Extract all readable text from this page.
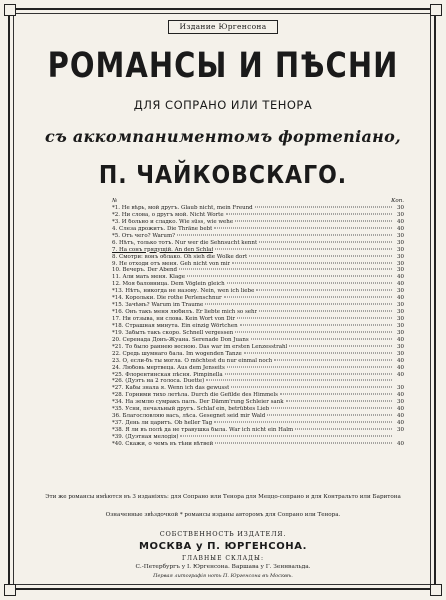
Издание Юргенсона
РОМАНСЫ И ПѢСНИ
ДЛЯ СОПРАНО ИЛИ ТЕНОРА
съ аккомпаниментомъ фортепiано,
П. ЧАЙКОВСКАГО.
№	Коп.
*1. Не вѣрь, мой другъ. Glaub nicht, mein Freund	30
*2. Ни слова, о другъ мой. Nicht Worte	30
*3. И больно и сладко. Wie süss, wie wehe	40
4. Слеза дрожитъ. Die Thräne bebt	40
*5. Отъ чего? Warum?	30
6. Нѣтъ, только тотъ. Nur wer die Sehnsucht kennt	30
7. На сонъ грядущiй. An den Schlaf	30
8. Смотри: вонъ облако. Oh sieh die Wolke dort	30
9. Не отходи отъ меня. Geh nicht von mir	30
10. Вечеръ. Der Abend	30
11. Али мать меня. Klage	40
12. Моя баловница. Dem Vöglein gleich	40
*13. Нѣтъ, никогда не назову. Nein, wen ich liebe	30
*14. Корольки. Die rothe Perlenschnur	40
*15. Зачѣмъ? Warum im Traume	30
*16. Онъ такъ меня любилъ. Er liebte mich so sehr	30
17. Ни отзыва, ни слова. Kein Wort von Dir	30
*18. Страшная минута. Ein einzig Wörtchen	30
*19. Забыть такъ скоро. Schnell vergessen	30
20. Серенада Донъ-Жуана. Serenade Don Juans	40
*21. То было раннею весною. Das war im ersten Lenzesstrahl	30
22. Средь шумнаго бала. Im wogenden Tanze	30
23. О, если-бъ ты могла. O möchtest du nur einmal noch	40
24. Любовь мертвеца. Aus dem Jenseits	40
*25. Флорентинская пѣсня. Pimpinella	40
*26. (Дуэтъ на 2 голоса. Duette)
*27. Кабы знала я. Wenn ich das gewusst	30
*28. Горними тихо летѣла. Durch die Gefilde des Himmels	40
*34. На землю сумракъ палъ. Der Dämm'rung Schleier sank	30
*35. Усни, печальный другъ. Schlaf ein, betrübtes Lieb	40
36. Благословляю васъ, лѣса. Gesegnet seid mir Wald	40
*37. День ли царитъ. Ob heller Tag	40
*38. Я ли въ полѣ да не травушка была. War ich nicht ein Halm	30
*39. (Дуэтная мелодiя)
*40. Скажи, о чемъ въ тѣни вѣтвей	40
Эти же романсы имѣются въ 3 изданiяхъ: для Сопрано или Тенора для Меццо-сопрано и для Контральто или Баритона
Означенные звѣздочкой * романсы изданы авторомъ для Сопрано или Тенора.
СОБСТВЕННОСТЬ ИЗДАТЕЛЯ.
МОСКВА у П. ЮРГЕНСОНА.
ГЛАВНЫЕ СКЛАДЫ:
С.-Петербургъ у I. Юргенсона. Варшава у Г. Зеннвальда.
Первая литографiя ноть П. Юргенсона въ Москвѣ.
